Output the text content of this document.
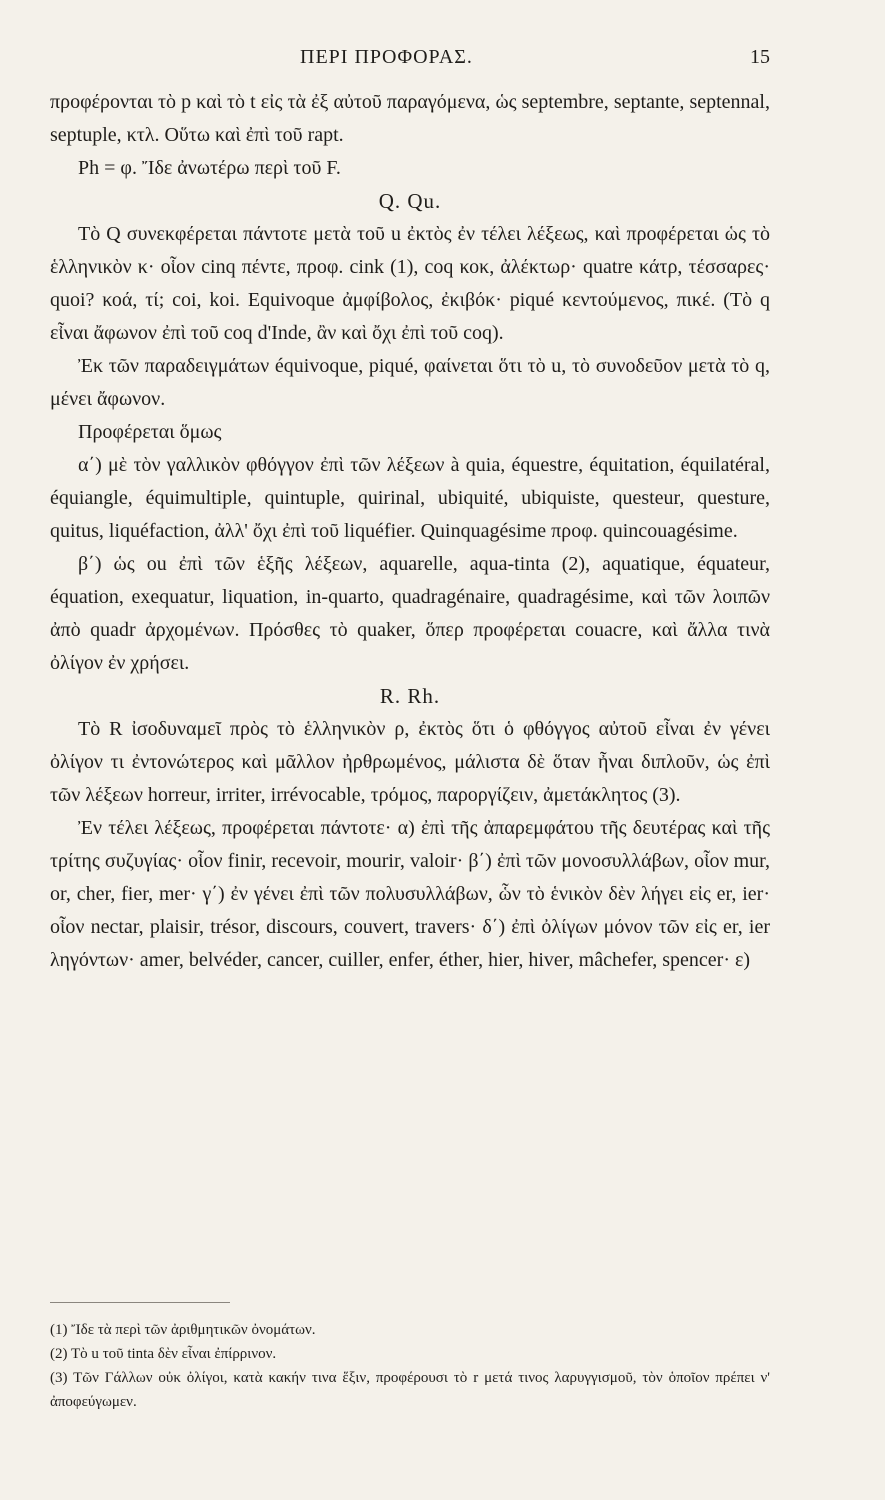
ΠΕΡΙ ΠΡΟΦΟΡΑΣ.	15

προφέρονται τὸ p καὶ τὸ t εἰς τὰ ἐξ αὐτοῦ παραγόμενα, ὡς septembre, septante, septennal, septuple, κτλ. Οὕτω καὶ ἐπὶ τοῦ rapt.

Ph = φ. Ἴδε ἀνωτέρω περὶ τοῦ F.

Q. Qu.

Τὸ Q συνεκφέρεται πάντοτε μετὰ τοῦ u ἐκτὸς ἐν τέλει λέξεως, καὶ προφέρεται ὡς τὸ ἑλληνικὸν κ· οἷον cinq πέντε, προφ. cink (1), coq κοκ, ἀλέκτωρ· quatre κάτρ, τέσσαρες· quoi? κοά, τί; coi, koi. Equivoque ἀμφίβολος, ἐκιβόκ· piqué κεντούμενος, πικέ. (Τὸ q εἶναι ἄφωνον ἐπὶ τοῦ coq d'Inde, ἂν καὶ ὄχι ἐπὶ τοῦ coq).

Ἐκ τῶν παραδειγμάτων équivoque, piqué, φαίνεται ὅτι τὸ u, τὸ συνοδεῦον μετὰ τὸ q, μένει ἄφωνον.

Προφέρεται ὅμως

α΄) μὲ τὸν γαλλικὸν φθόγγον ἐπὶ τῶν λέξεων à quia, équestre, équitation, équilatéral, équiangle, équimultiple, quintuple, quirinal, ubiquité, ubiquiste, questeur, questure, quitus, liquéfaction, ἀλλ' ὄχι ἐπὶ τοῦ liquéfier. Quinquagésime προφ. quincouagésime.

β΄) ὡς ou ἐπὶ τῶν ἑξῆς λέξεων, aquarelle, aqua-tinta (2), aquatique, équateur, équation, exequatur, liquation, in-quarto, quadragénaire, quadragésime, καὶ τῶν λοιπῶν ἀπὸ quadr ἀρχομένων. Πρόσθες τὸ quaker, ὅπερ προφέρεται couacre, καὶ ἄλλα τινὰ ὀλίγον ἐν χρήσει.

R. Rh.

Τὸ R ἰσοδυναμεῖ πρὸς τὸ ἑλληνικὸν ρ, ἐκτὸς ὅτι ὁ φθόγγος αὐτοῦ εἶναι ἐν γένει ὀλίγον τι ἐντονώτερος καὶ μᾶλλον ἠρθρωμένος, μάλιστα δὲ ὅταν ἦναι διπλοῦν, ὡς ἐπὶ τῶν λέξεων horreur, irriter, irrévocable, τρόμος, παροργίζειν, ἀμετάκλητος (3).

Ἐν τέλει λέξεως, προφέρεται πάντοτε· α) ἐπὶ τῆς ἀπαρεμφάτου τῆς δευτέρας καὶ τῆς τρίτης συζυγίας· οἷον finir, recevoir, mourir, valoir· β΄) ἐπὶ τῶν μονοσυλλάβων, οἷον mur, or, cher, fier, mer· γ΄) ἐν γένει ἐπὶ τῶν πολυσυλλάβων, ὧν τὸ ἑνικὸν δὲν λήγει εἰς er, ier· οἷον nectar, plaisir, trésor, discours, couvert, travers· δ΄) ἐπὶ ὀλίγων μόνον τῶν εἰς er, ier ληγόντων· amer, belvéder, cancer, cuiller, enfer, éther, hier, hiver, mâchefer, spencer· ε)

(1) Ἴδε τὰ περὶ τῶν ἀριθμητικῶν ὀνομάτων.

(2) Τὸ u τοῦ tinta δὲν εἶναι ἐπίρρινον.

(3) Τῶν Γάλλων οὐκ ὀλίγοι, κατὰ κακήν τινα ἕξιν, προφέρουσι τὸ r μετά τινος λαρυγγισμοῦ, τὸν ὁποῖον πρέπει ν' ἀποφεύγωμεν.
